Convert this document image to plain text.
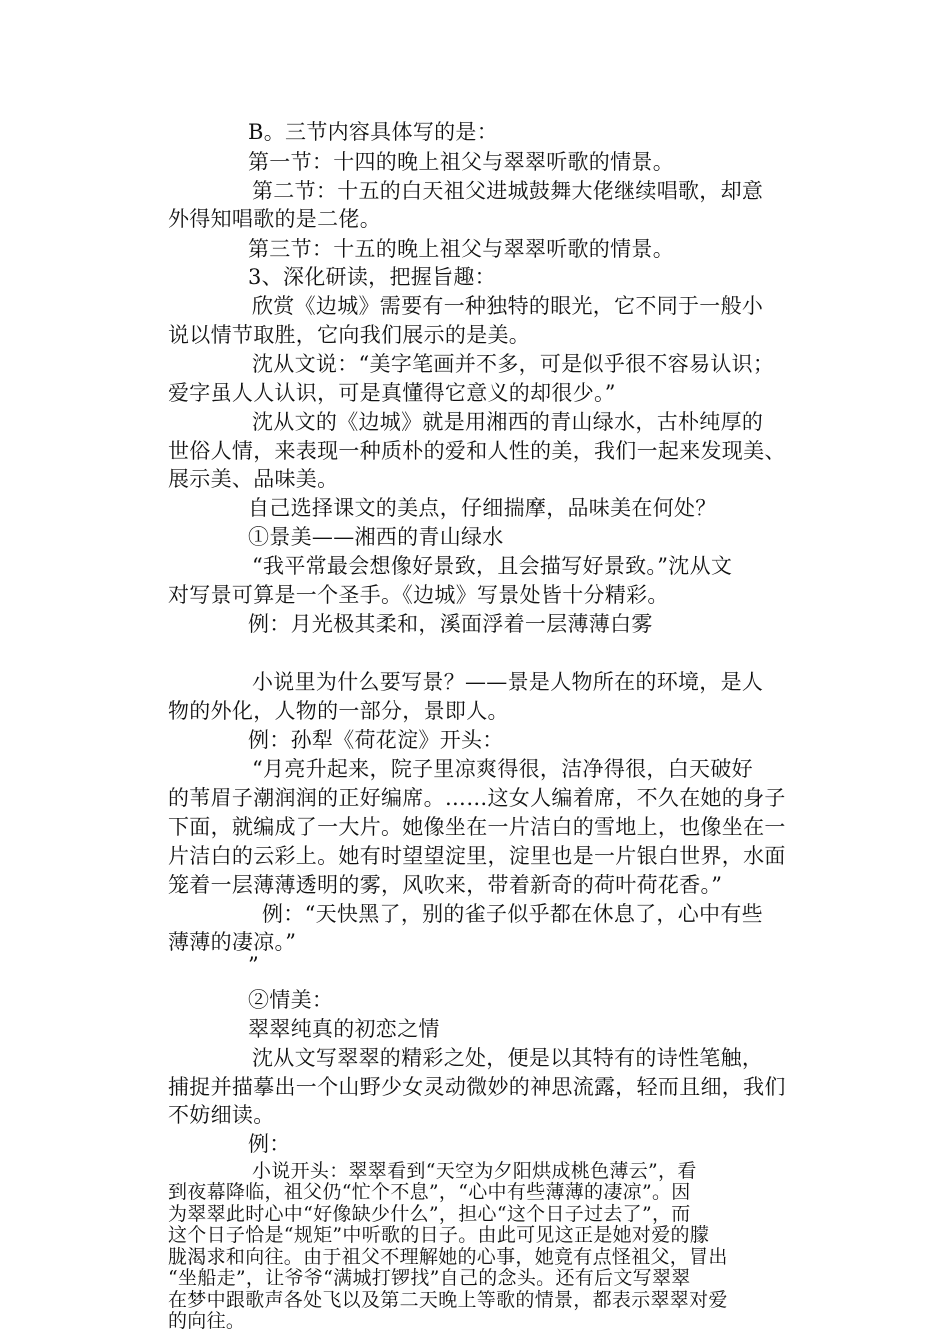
B。三节内容具体写的是：
第一节：十四的晚上祖父与翠翠听歌的情景。
第二节：十五的白天祖父进城鼓舞大佬继续唱歌，却意
外得知唱歌的是二佬。
第三节：十五的晚上祖父与翠翠听歌的情景。
3、深化研读，把握旨趣：
欣赏《边城》需要有一种独特的眼光，它不同于一般小
说以情节取胜，它向我们展示的是美。
沈从文说：“美字笔画并不多，可是似乎很不容易认识；
爱字虽人人认识，可是真懂得它意义的却很少。”
沈从文的《边城》就是用湘西的青山绿水，古朴纯厚的
世俗人情，来表现一种质朴的爱和人性的美，我们一起来发现美、
展示美、品味美。
自己选择课文的美点，仔细揣摩，品味美在何处？
①景美——湘西的青山绿水
“我平常最会想像好景致，且会描写好景致。”沈从文
对写景可算是一个圣手。《边城》写景处皆十分精彩。
例：月光极其柔和，溪面浮着一层薄薄白雾
小说里为什么要写景？——景是人物所在的环境，是人
物的外化，人物的一部分，景即人。
例：孙犁《荷花淀》开头：
“月亮升起来，院子里凉爽得很，洁净得很，白天破好
的苇眉子潮润润的正好编席。……这女人编着席，不久在她的身子
下面，就编成了一大片。她像坐在一片洁白的雪地上，也像坐在一
片洁白的云彩上。她有时望望淀里，淀里也是一片银白世界，水面
笼着一层薄薄透明的雾，风吹来，带着新奇的荷叶荷花香。”
例：“天快黑了，别的雀子似乎都在休息了，心中有些
薄薄的凄凉。”
”
②情美：
翠翠纯真的初恋之情
沈从文写翠翠的精彩之处，便是以其特有的诗性笔触，
捕捉并描摹出一个山野少女灵动微妙的神思流露，轻而且细，我们
不妨细读。
例：
小说开头：翠翠看到“天空为夕阳烘成桃色薄云”，看
到夜幕降临，祖父仍“忙个不息”，“心中有些薄薄的凄凉”。因
为翠翠此时心中“好像缺少什么”，担心“这个日子过去了”，而
这个日子恰是“规矩”中听歌的日子。由此可见这正是她对爱的朦
胧渴求和向往。由于祖父不理解她的心事，她竟有点怪祖父，冒出
“坐船走”，让爷爷“满城打锣找”自己的念头。还有后文写翠翠
在梦中跟歌声各处飞以及第二天晚上等歌的情景，都表示翠翠对爱
的向往。
